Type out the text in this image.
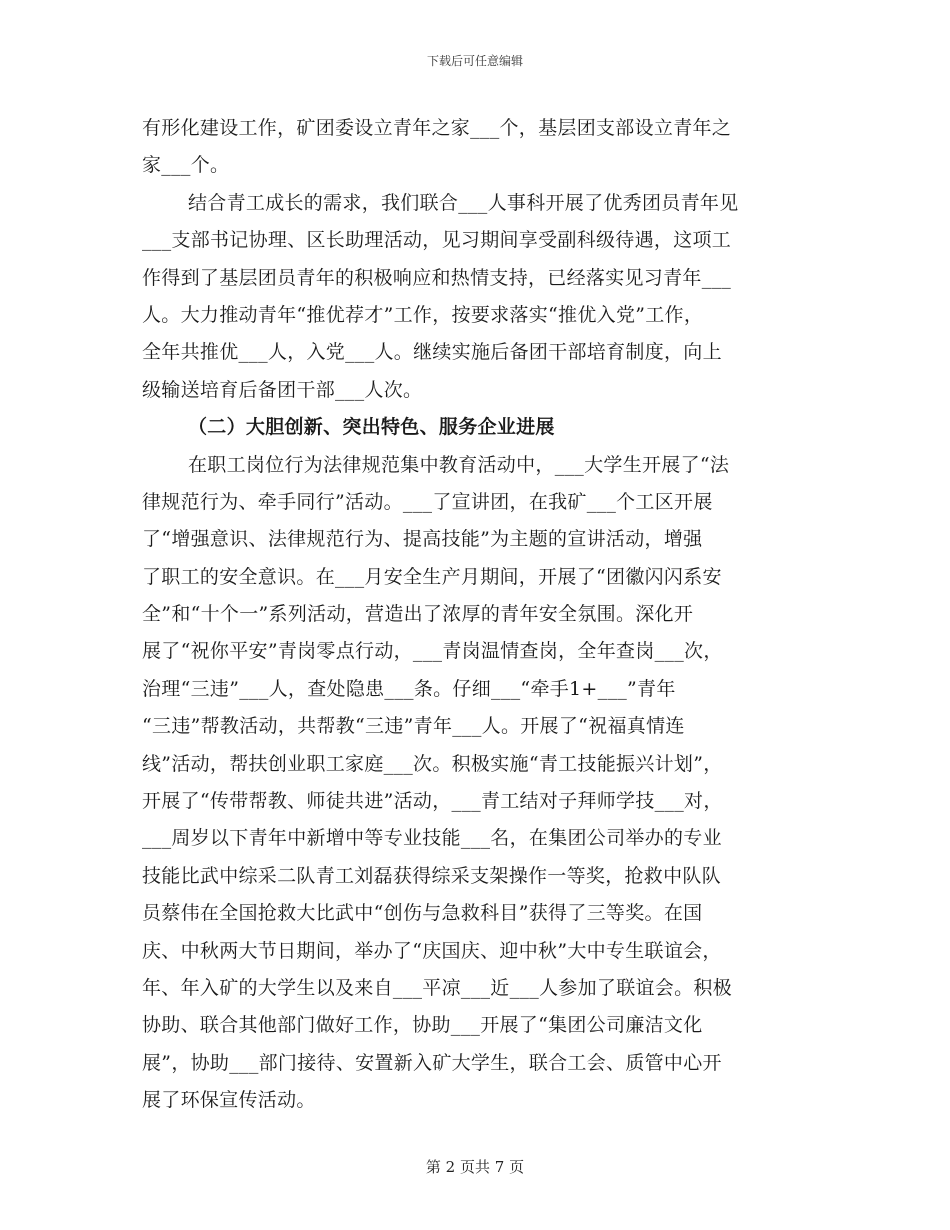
下载后可任意编辑
有形化建设工作，矿团委设立青年之家___个，基层团支部设立青年之
家___个。
结合青工成长的需求，我们联合___人事科开展了优秀团员青年见
___支部书记协理、区长助理活动，见习期间享受副科级待遇，这项工
作得到了基层团员青年的积极响应和热情支持，已经落实见习青年___
人。大力推动青年“推优荐才”工作，按要求落实“推优入党”工作，
全年共推优___人，入党___人。继续实施后备团干部培育制度，向上
级输送培育后备团干部___人次。
（二）大胆创新、突出特色、服务企业进展
在职工岗位行为法律规范集中教育活动中，___大学生开展了“法
律规范行为、牵手同行”活动。___了宣讲团，在我矿___个工区开展
了“增强意识、法律规范行为、提高技能”为主题的宣讲活动，增强
了职工的安全意识。在___月安全生产月期间，开展了“团徽闪闪系安
全”和“十个一”系列活动，营造出了浓厚的青年安全氛围。深化开
展了“祝你平安”青岗零点行动，___青岗温情查岗，全年查岗___次，
治理“三违”___人，查处隐患___条。仔细___“牵手1+___”青年
“三违”帮教活动，共帮教“三违”青年___人。开展了“祝福真情连
线”活动，帮扶创业职工家庭___次。积极实施“青工技能振兴计划”，
开展了“传带帮教、师徒共进”活动，___青工结对子拜师学技___对，
___周岁以下青年中新增中等专业技能___名，在集团公司举办的专业
技能比武中综采二队青工刘磊获得综采支架操作一等奖，抢救中队队
员蔡伟在全国抢救大比武中“创伤与急救科目”获得了三等奖。在国
庆、中秋两大节日期间，举办了“庆国庆、迎中秋”大中专生联谊会，
年、年入矿的大学生以及来自___平凉___近___人参加了联谊会。积极
协助、联合其他部门做好工作，协助___开展了“集团公司廉洁文化
展”，协助___部门接待、安置新入矿大学生，联合工会、质管中心开
展了环保宣传活动。
第 2 页共 7 页
